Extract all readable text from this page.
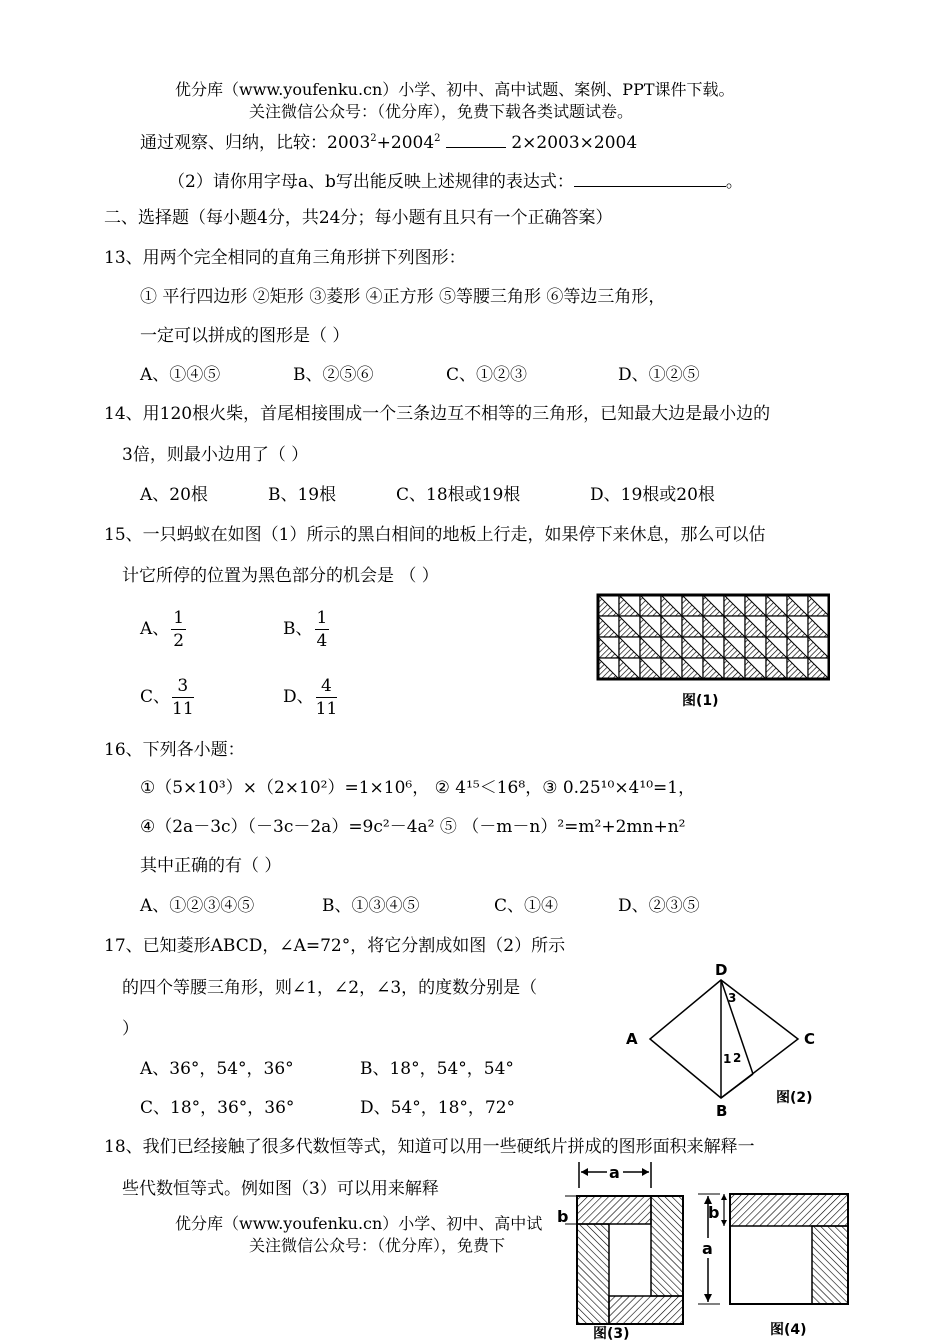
优分库（www.youfenku.cn）小学、初中、高中试题、案例、PPT课件下载。
关注微信公众号：（优分库），免费下载各类试题试卷。
通过观察、归纳，比较：$2003^2+2004^2$	2×2003×2004
（2）请你用字母a、b写出能反映上述规律的表达式：	。
二、选择题（每小题4分，共24分；每小题有且只有一个正确答案）
13、用两个完全相同的直角三角形拼下列图形：
① 平行四边形 ②矩形 ③菱形 ④正方形 ⑤等腰三角形 ⑥等边三角形，
一定可以拼成的图形是（ ）
A、①④⑤	B、②⑤⑥	C、①②③	D、①②⑤
14、用120根火柴，首尾相接围成一个三条边互不相等的三角形，已知最大边是最小边的
3倍，则最小边用了（ ）
A、20根	B、19根	C、18根或19根	D、19根或20根
15、一只蚂蚁在如图（1）所示的黑白相间的地板上行走，如果停下来休息，那么可以估
计它所停的位置为黑色部分的机会是 （ ）
A、 $\frac{1}{2}$	B、 $\frac{1}{4}$
C、 $\frac{3}{11}$	D、 $\frac{4}{11}$	图(1)
16、下列各小题：
①（5×10³）×（2×10²）=1×10⁶， ② 4¹⁵＜16⁸，③ 0.25¹⁰×4¹⁰=1，
④（2a－3c）（－3c－2a）=9c²－4a² ⑤ （－m－n）²=m²+2mn+n²
其中正确的有（ ）
A、①②③④⑤	B、①③④⑤	C、①④	D、②③⑤
17、已知菱形ABCD，∠A=72°，将它分割成如图（2）所示
的四个等腰三角形，则∠1，∠2，∠3，的度数分别是（
）
A、36°，54°，36°	B、18°，54°，54°
C、18°，36°，36°	D、54°，18°，72°
D
A	C
B
3
1 2
图(2)
18、我们已经接触了很多代数恒等式，知道可以用一些硬纸片拼成的图形面积来解释一
些代数恒等式。例如图（3）可以用来解释
优分库（www.youfenku.cn）小学、初中、高中试
关注微信公众号：（优分库），免费下
a
b
图(3)
a
b
图(4)
